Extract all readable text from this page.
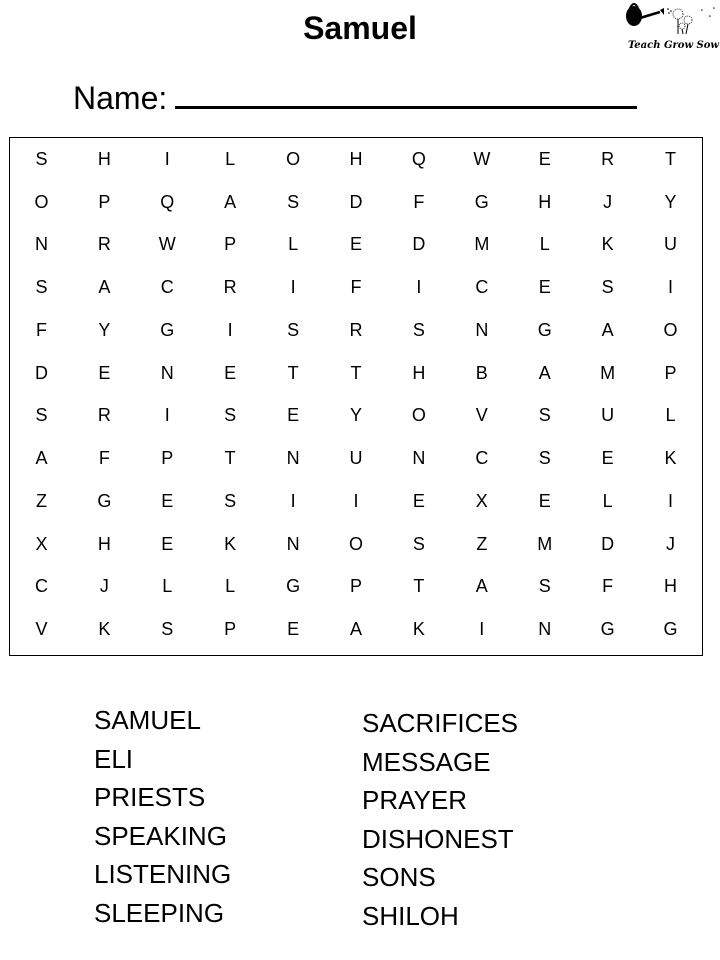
Samuel	⋆
⋆
⋆
Teach Grow Sow
Name:
S	H	I	L	O	H	Q	W	E	R	T
O	P	Q	A	S	D	F	G	H	J	Y
N	R	W	P	L	E	D	M	L	K	U
S	A	C	R	I	F	I	C	E	S	I
F	Y	G	I	S	R	S	N	G	A	O
D	E	N	E	T	T	H	B	A	M	P
S	R	I	S	E	Y	O	V	S	U	L
A	F	P	T	N	U	N	C	S	E	K
Z	G	E	S	I	I	E	X	E	L	I
X	H	E	K	N	O	S	Z	M	D	J
C	J	L	L	G	P	T	A	S	F	H
V	K	S	P	E	A	K	I	N	G	G
SAMUEL
ELI
PRIESTS
SPEAKING
LISTENING
SLEEPING
SACRIFICES
MESSAGE
PRAYER
DISHONEST
SONS
SHILOH
